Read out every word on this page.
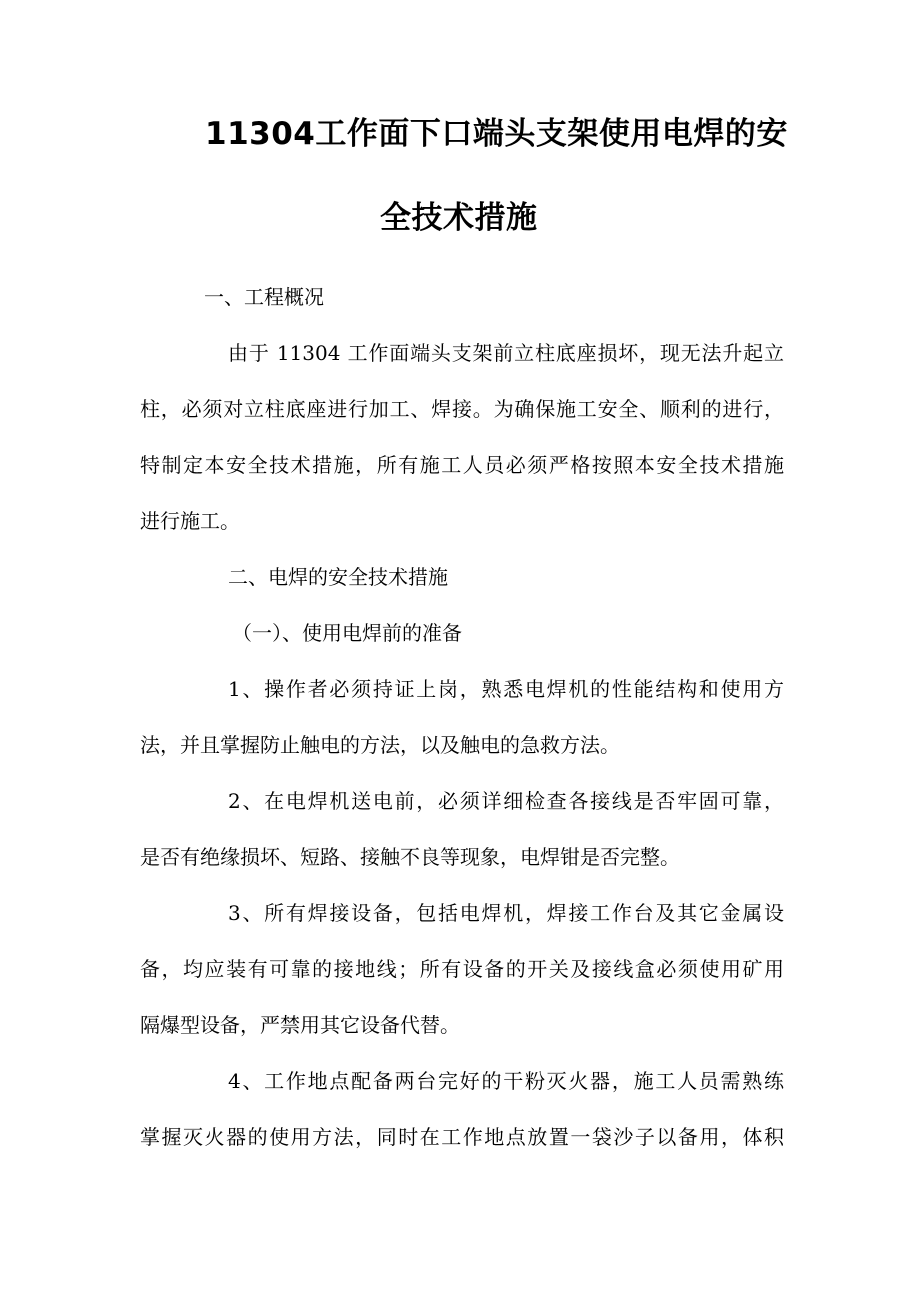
11304工作面下口端头支架使用电焊的安
全技术措施
一、工程概况
由于 11304 工作面端头支架前立柱底座损坏，现无法升起立
柱，必须对立柱底座进行加工、焊接。为确保施工安全、顺利的进行，
特制定本安全技术措施，所有施工人员必须严格按照本安全技术措施
进行施工。
二、电焊的安全技术措施
（一）、使用电焊前的准备
1、操作者必须持证上岗，熟悉电焊机的性能结构和使用方
法，并且掌握防止触电的方法，以及触电的急救方法。
2、在电焊机送电前，必须详细检查各接线是否牢固可靠，
是否有绝缘损坏、短路、接触不良等现象，电焊钳是否完整。
3、所有焊接设备，包括电焊机，焊接工作台及其它金属设
备，均应装有可靠的接地线；所有设备的开关及接线盒必须使用矿用
隔爆型设备，严禁用其它设备代替。
4、工作地点配备两台完好的干粉灭火器，施工人员需熟练
掌握灭火器的使用方法，同时在工作地点放置一袋沙子以备用，体积
